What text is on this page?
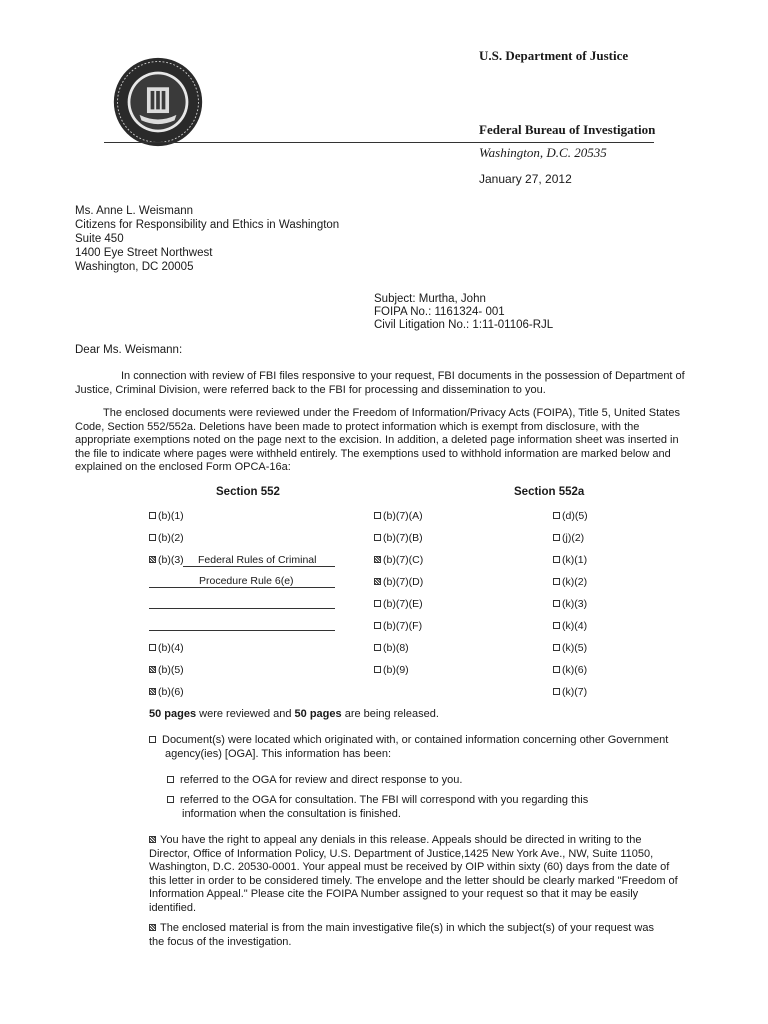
U.S. Department of Justice
Federal Bureau of Investigation
Washington, D.C. 20535
January 27, 2012
Ms. Anne L. Weismann
Citizens for Responsibility and Ethics in Washington
Suite 450
1400 Eye Street Northwest
Washington, DC 20005
Subject: Murtha, John
FOIPA No.: 1161324- 001
Civil Litigation No.: 1:11-01106-RJL
Dear Ms. Weismann:
In connection with review of FBI files responsive to your request, FBI documents in the possession of Department of Justice, Criminal Division, were referred back to the FBI for processing and dissemination to you.
The enclosed documents were reviewed under the Freedom of Information/Privacy Acts (FOIPA), Title 5, United States Code, Section 552/552a. Deletions have been made to protect information which is exempt from disclosure, with the appropriate exemptions noted on the page next to the excision. In addition, a deleted page information sheet was inserted in the file to indicate where pages were withheld entirely. The exemptions used to withhold information are marked below and explained on the enclosed Form OPCA-16a:
Section 552	Section 552a
(b)(1)
(b)(2)
(b)(3) Federal Rules of Criminal
Procedure Rule 6(e)
(b)(4)
(b)(5)
(b)(6)
(b)(7)(A)
(b)(7)(B)
(b)(7)(C)
(b)(7)(D)
(b)(7)(E)
(b)(7)(F)
(b)(8)
(b)(9)
(d)(5)
(j)(2)
(k)(1)
(k)(2)
(k)(3)
(k)(4)
(k)(5)
(k)(6)
(k)(7)
50 pages were reviewed and 50 pages are being released.
Document(s) were located which originated with, or contained information concerning other Government agency(ies) [OGA]. This information has been:
referred to the OGA for review and direct response to you.
referred to the OGA for consultation. The FBI will correspond with you regarding this information when the consultation is finished.
You have the right to appeal any denials in this release. Appeals should be directed in writing to the Director, Office of Information Policy, U.S. Department of Justice,1425 New York Ave., NW, Suite 11050, Washington, D.C. 20530-0001. Your appeal must be received by OIP within sixty (60) days from the date of this letter in order to be considered timely. The envelope and the letter should be clearly marked "Freedom of Information Appeal." Please cite the FOIPA Number assigned to your request so that it may be easily identified.
The enclosed material is from the main investigative file(s) in which the subject(s) of your request was the focus of the investigation.
